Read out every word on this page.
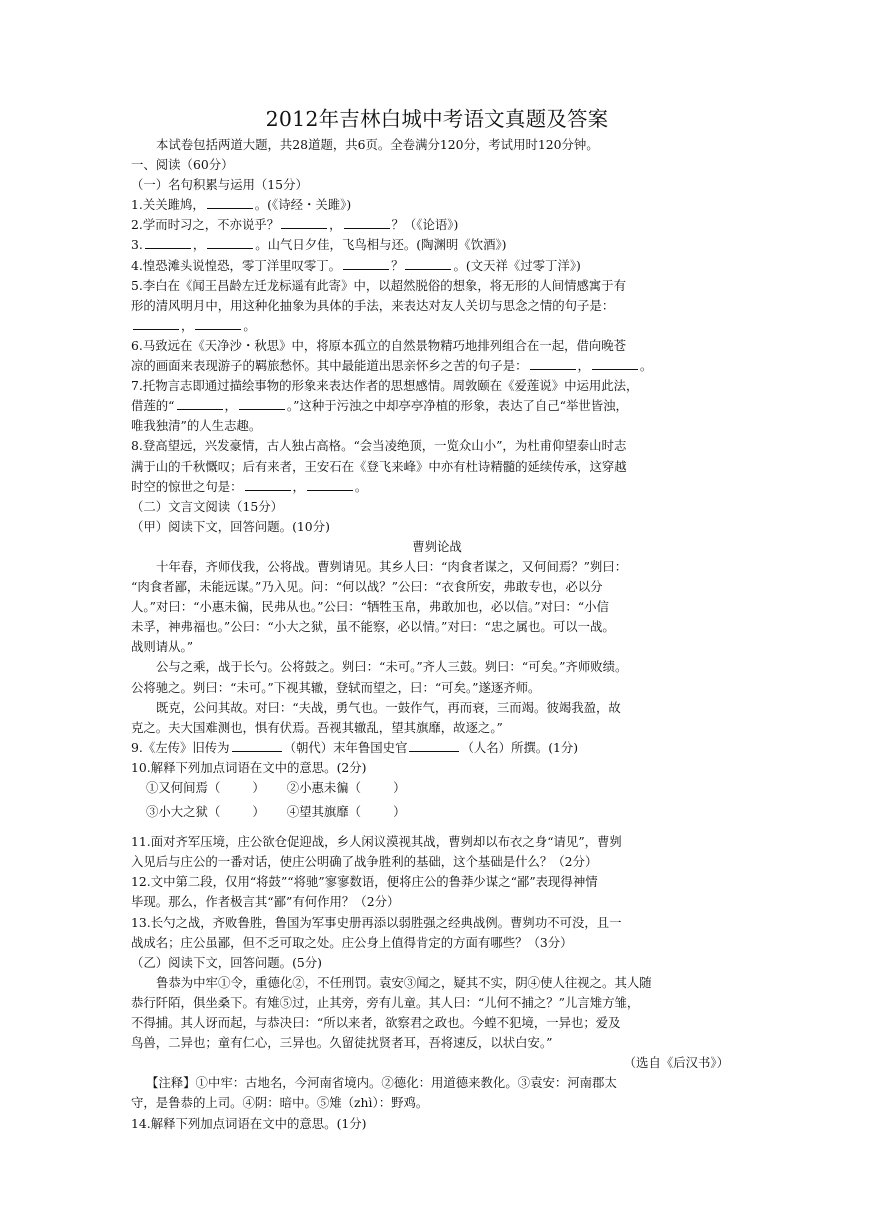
2012年吉林白城中考语文真题及答案
本试卷包括两道大题，共28道题，共6页。全卷满分120分，考试用时120分钟。
一、阅读（60分）
（一）名句积累与运用（15分）
1.关关雎鸠，	。(《诗经・关雎》)
2.学而时习之，不亦说乎？	，	？（《论语》)
3.	，	。山气日夕佳，飞鸟相与还。(陶渊明《饮酒》)
4.惶恐滩头说惶恐，零丁洋里叹零丁。	？	。(文天祥《过零丁洋》)
5.李白在《闻王昌龄左迁龙标遥有此寄》中，以超然脱俗的想象，将无形的人间情感寓于有
形的清风明月中，用这种化抽象为具体的手法，来表达对友人关切与思念之情的句子是：
，	。
6.马致远在《天净沙・秋思》中，将原本孤立的自然景物精巧地排列组合在一起，借向晚苍
凉的画面来表现游子的羁旅愁怀。其中最能道出思亲怀乡之苦的句子是：	，	。
7.托物言志即通过描绘事物的形象来表达作者的思想感情。周敦颐在《爱莲说》中运用此法，
借莲的“	，	。”这种于污浊之中却亭亭净植的形象，表达了自己“举世皆浊，
唯我独清”的人生志趣。
8.登高望远，兴发豪情，古人独占高格。“会当凌绝顶，一览众山小”，为杜甫仰望泰山时志
满于山的千秋慨叹；后有来者，王安石在《登飞来峰》中亦有杜诗精髓的延续传承，这穿越
时空的惊世之句是：	，	。
（二）文言文阅读（15分）
（甲）阅读下文，回答问题。(10分)
曹刿论战
十年春，齐师伐我，公将战。曹刿请见。其乡人曰：“肉食者谋之，又何间焉？”刿曰：
“肉食者鄙，未能远谋。”乃入见。问：“何以战？”公曰：“衣食所安，弗敢专也，必以分
人。”对曰：“小惠未徧，民弗从也。”公曰：“牺牲玉帛，弗敢加也，必以信。”对曰：“小信
未孚，神弗福也。”公曰：“小大之狱，虽不能察，必以情。”对曰：“忠之属也。可以一战。
战则请从。”
公与之乘，战于长勺。公将鼓之。刿曰：“未可。”齐人三鼓。刿曰：“可矣。”齐师败绩。
公将驰之。刿曰：“未可。”下视其辙，登轼而望之，曰：“可矣。”遂逐齐师。
既克，公问其故。对曰：“夫战，勇气也。一鼓作气，再而衰，三而竭。彼竭我盈，故
克之。夫大国难测也，惧有伏焉。吾视其辙乱，望其旗靡，故逐之。”
9.《左传》旧传为	（朝代）末年鲁国史官	（人名）所撰。(1分)
10.解释下列加点词语在文中的意思。(2分)
①又何间焉（	） ②小惠未徧（	）
③小大之狱（	） ④望其旗靡（	）
11.面对齐军压境，庄公欲仓促迎战，乡人闲议漠视其战，曹刿却以布衣之身“请见”，曹刿
入见后与庄公的一番对话，使庄公明确了战争胜利的基础，这个基础是什么？（2分）
12.文中第二段，仅用“将鼓”“将驰”寥寥数语，便将庄公的鲁莽少谋之“鄙”表现得神情
毕现。那么，作者极言其“鄙”有何作用？（2分）
13.长勺之战，齐败鲁胜，鲁国为军事史册再添以弱胜强之经典战例。曹刿功不可没，且一
战成名；庄公虽鄙，但不乏可取之处。庄公身上值得肯定的方面有哪些？（3分）
（乙）阅读下文，回答问题。(5分)
鲁恭为中牢①令，重德化②，不任刑罚。袁安③闻之，疑其不实，阴④使人往视之。其人随
恭行阡陌，俱坐桑下。有雉⑤过，止其旁，旁有儿童。其人曰：“儿何不捕之？”儿言雉方雏，
不得捕。其人讶而起，与恭决曰：“所以来者，欲察君之政也。今蝗不犯境，一异也；爱及
鸟兽，二异也；童有仁心，三异也。久留徒扰贤者耳，吾将速反，以状白安。”
（选自《后汉书》）
【注释】①中牢：古地名，今河南省境内。②德化：用道德来教化。③袁安：河南郡太
守，是鲁恭的上司。④阴：暗中。⑤雉（zhì）：野鸡。
14.解释下列加点词语在文中的意思。(1分)
